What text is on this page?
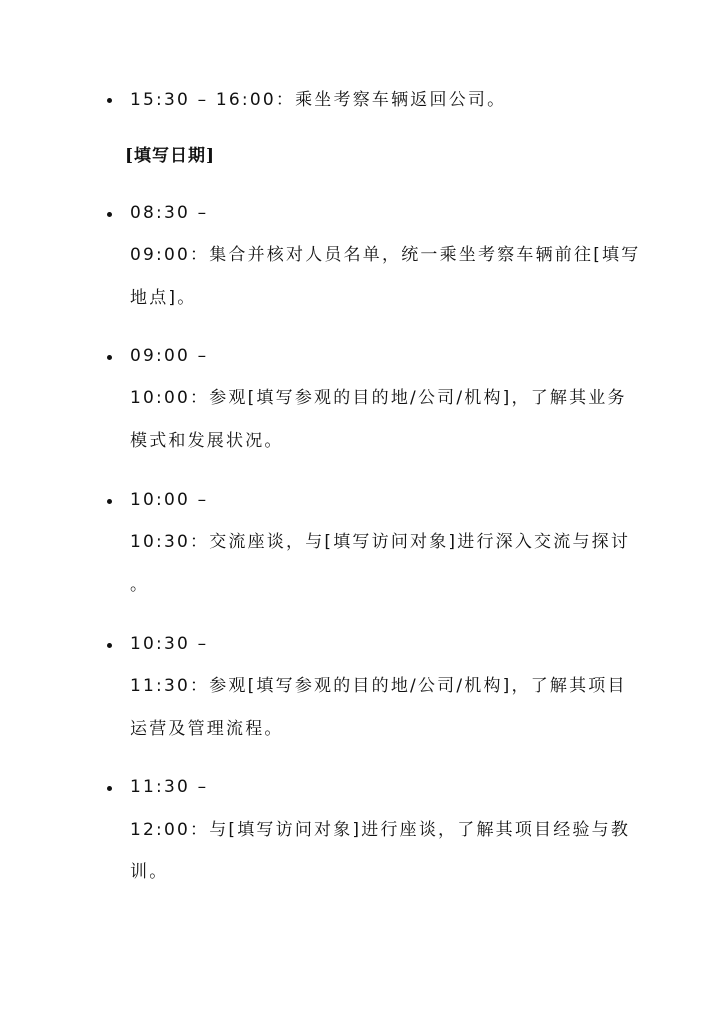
15:30 – 16:00：乘坐考察车辆返回公司。
[填写日期]
08:30 –
09:00：集合并核对人员名单，统一乘坐考察车辆前往[填写
地点]。
09:00 –
10:00：参观[填写参观的目的地/公司/机构]，了解其业务
模式和发展状况。
10:00 –
10:30：交流座谈，与[填写访问对象]进行深入交流与探讨
。
10:30 –
11:30：参观[填写参观的目的地/公司/机构]，了解其项目
运营及管理流程。
11:30 –
12:00：与[填写访问对象]进行座谈，了解其项目经验与教
训。
